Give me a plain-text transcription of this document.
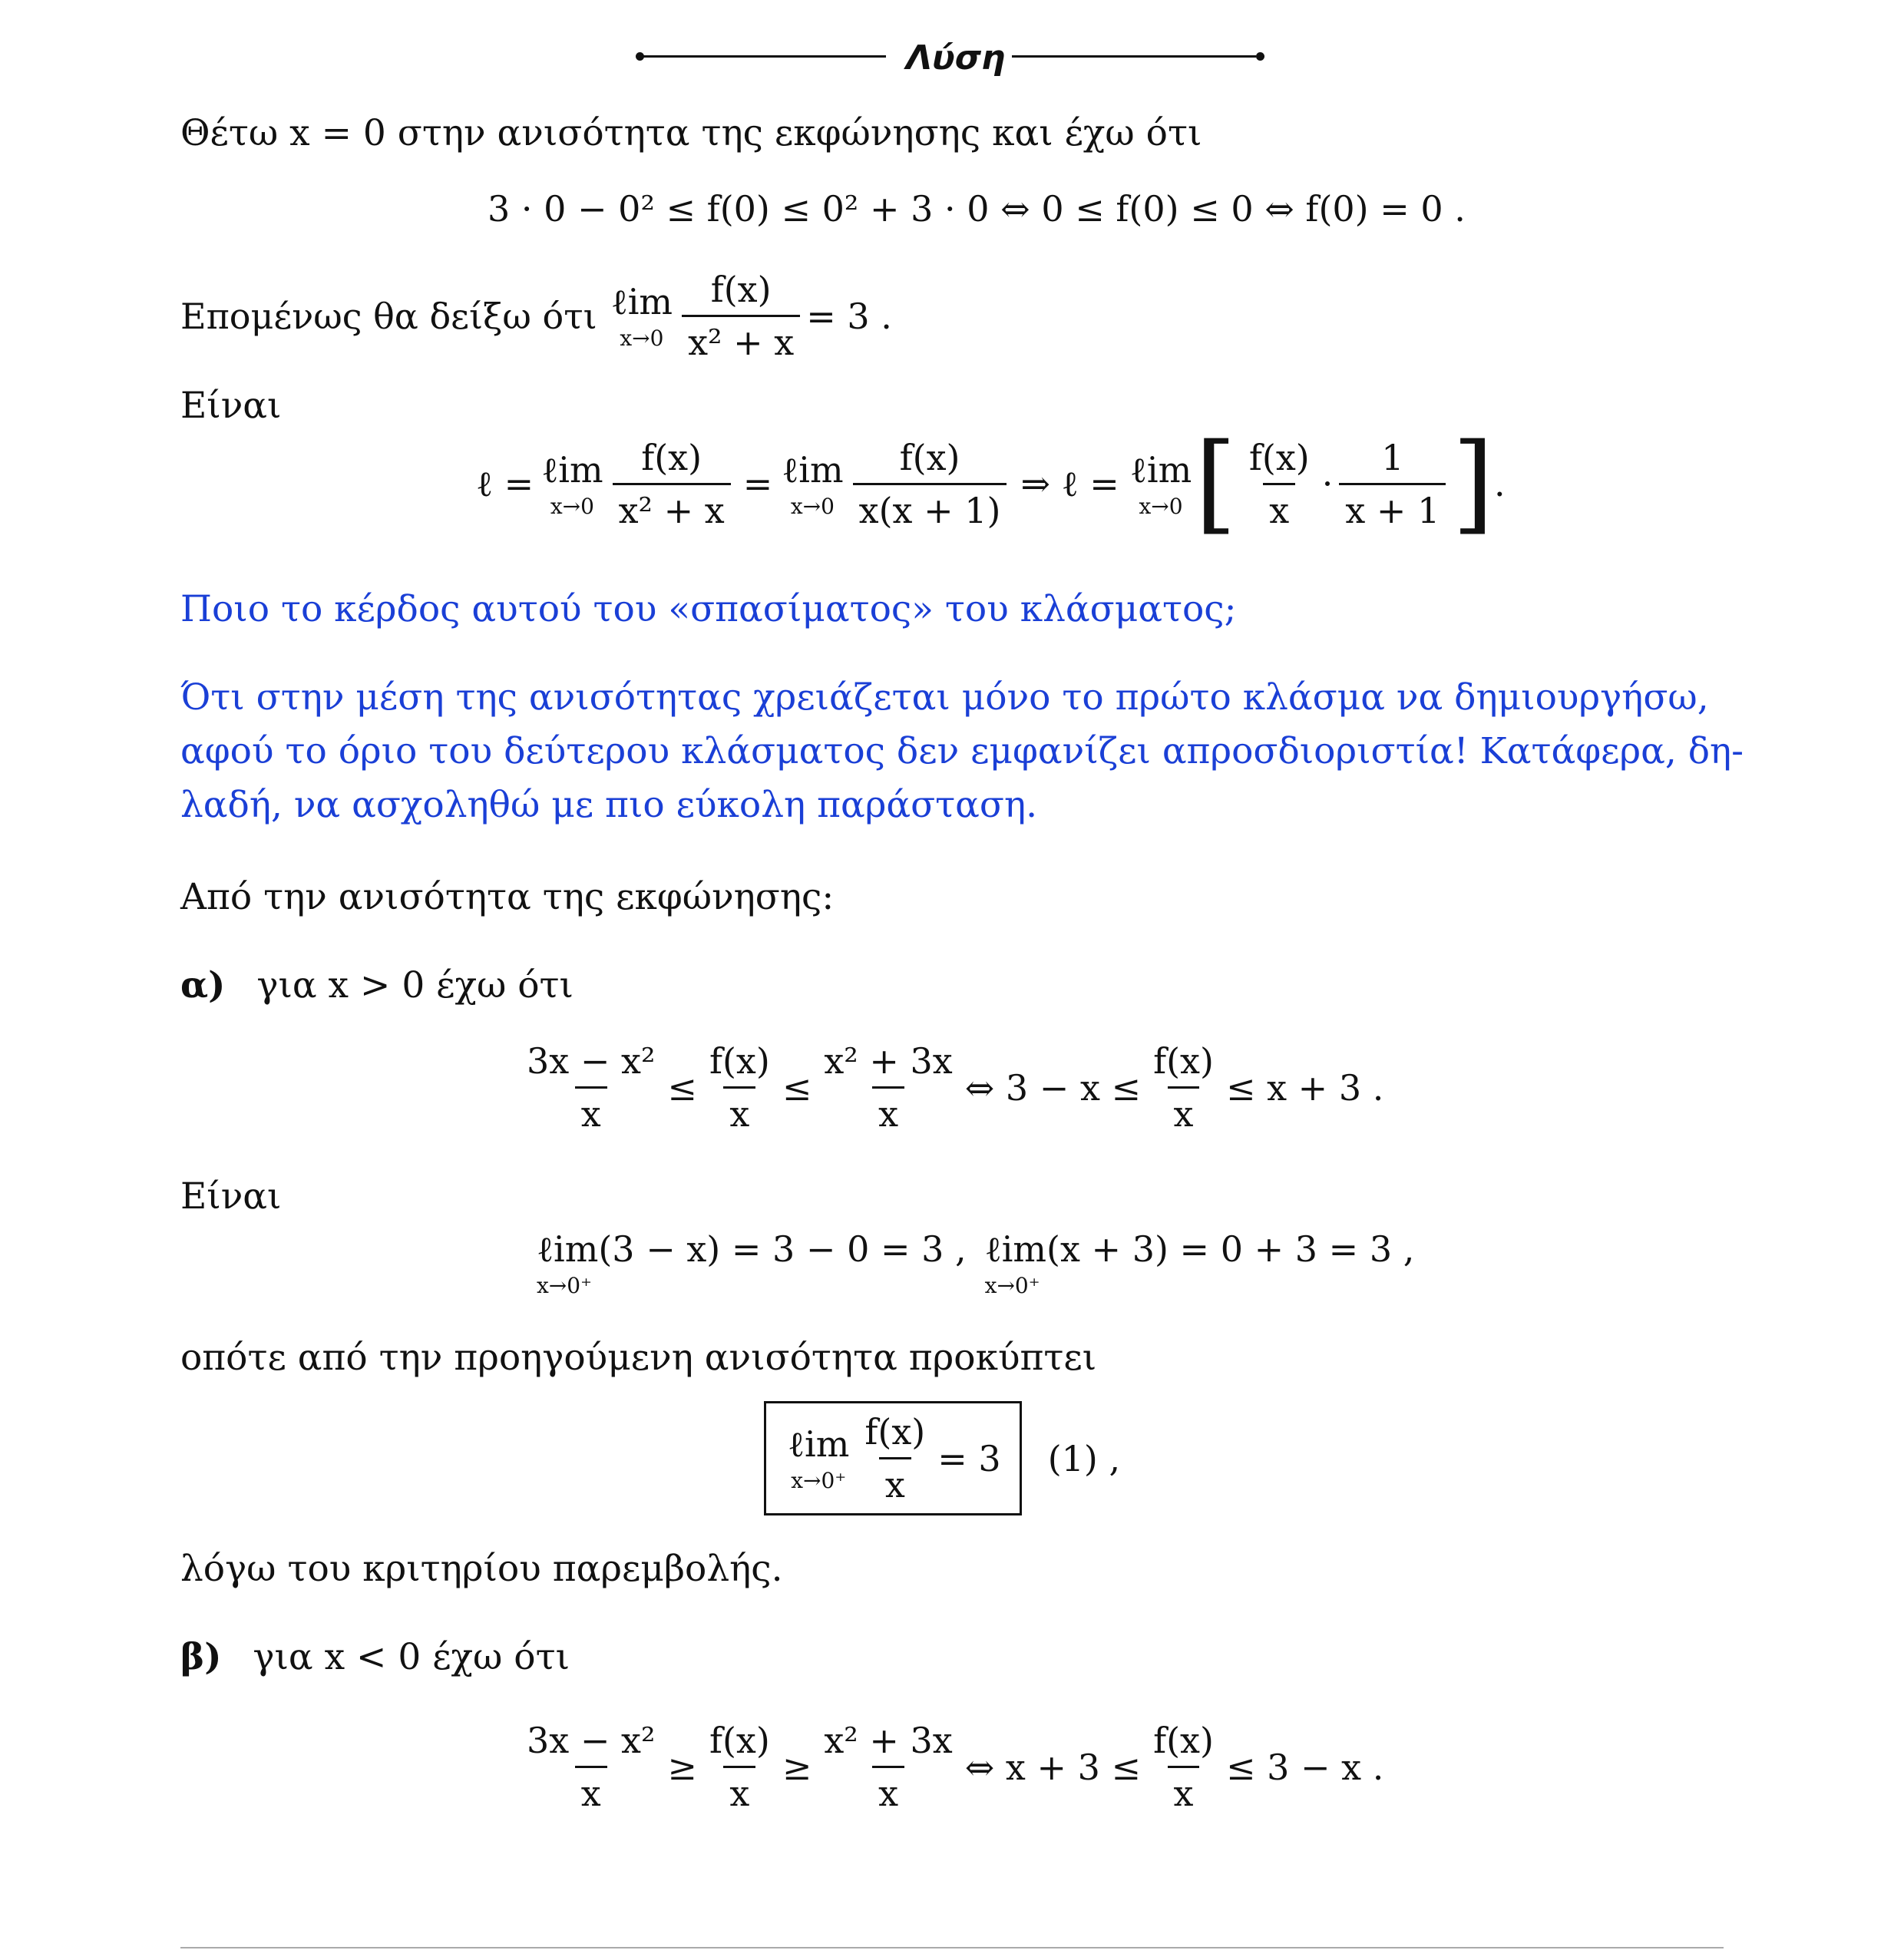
Λύση
Θέτω x = 0 στην ανισότητα της εκφώνησης και έχω ότι
3 · 0 − 0² ≤ f(0) ≤ 0² + 3 · 0 ⇔ 0 ≤ f(0) ≤ 0 ⇔ f(0) = 0 .
Επομένως θα δείξω ότι ℓim
$x\to 0 \frac{f(x)}{\text{x² + x}} = 3$ .
Είναι
ℓ = ℓim
$x\to 0 \frac{f(x)}{\text{x² + x}}$ = ℓim
$x\to 0 \frac{f(x)}{x(x + 1)}$ ⇒ ℓ = ℓim
x→0 [ $\frac{f(x)}{x} \cdot \frac{1}{x + 1}$ ] .
Ποιο το κέρδος αυτού του «σπασίματος» του κλάσματος;
Ότι στην μέση της ανισότητας χρειάζεται μόνο το πρώτο κλάσμα να δημιουργήσω,
αφού το όριο του δεύτερου κλάσματος δεν εμφανίζει απροσδιοριστία! Κατάφερα, δη-
λαδή, να ασχοληθώ με πιο εύκολη παράσταση.
Από την ανισότητα της εκφώνησης:
α) για x > 0 έχω ότι
$\frac{\text{3x − x²}}{x} \le \frac{f(x)}{x} \le \frac{\text{x² + 3x}}{x}$ ⇔ $3 - x \le \frac{f(x)}{x} \le x + 3$ .
Είναι
ℓim(3 − x) = 3 − 0 = 3 ,
x→0⁺
ℓim(x + 3) = 0 + 3 = 3 ,
x→0⁺
οπότε από την προηγούμενη ανισότητα προκύπτει
ℓim
$x\to 0^+ \frac{f(x)}{x} = 3$ (1) ,
λόγω του κριτηρίου παρεμβολής.
β) για x < 0 έχω ότι
$\frac{\text{3x − x²}}{x} \ge \frac{f(x)}{x} \ge \frac{\text{x² + 3x}}{x}$ ⇔ $x + 3 \le \frac{f(x)}{x} \le 3 - x$ .
